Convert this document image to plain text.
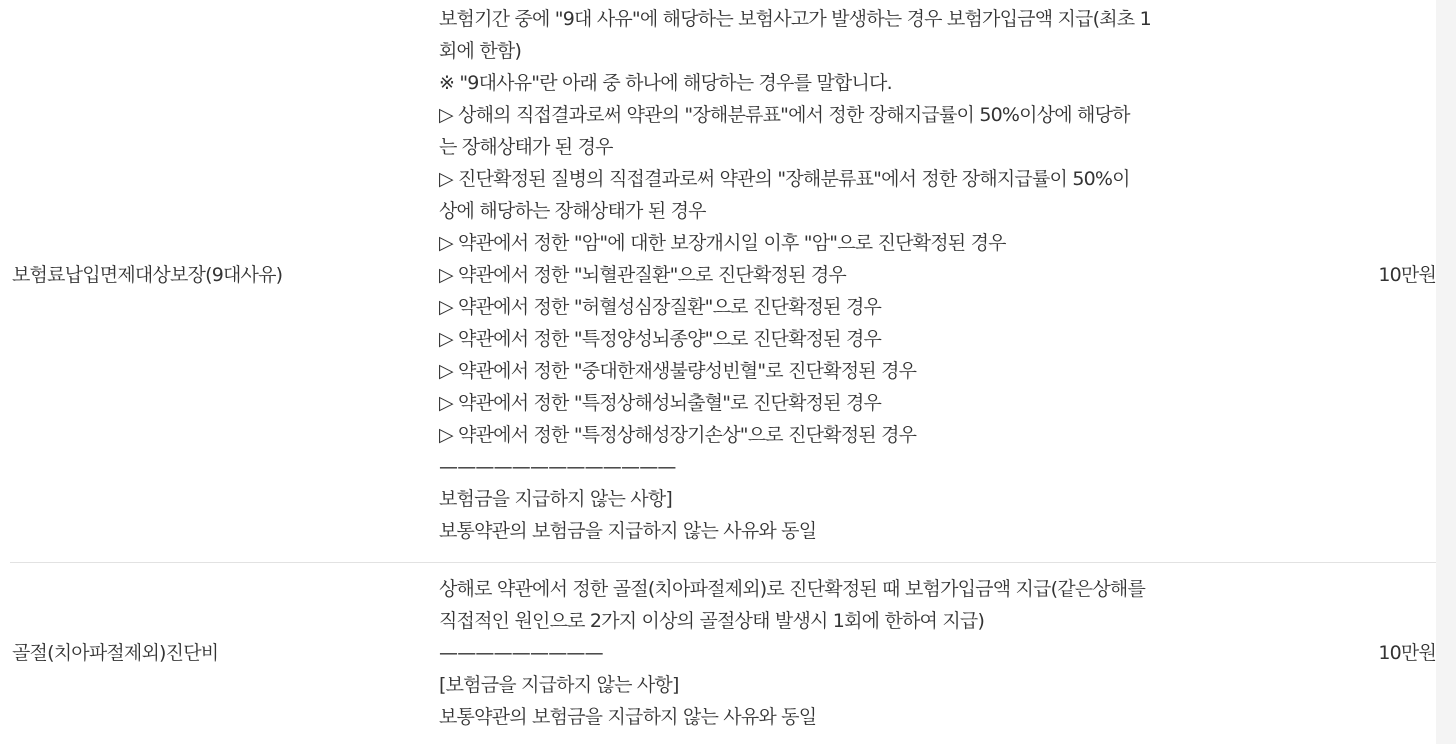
보험료납입면제대상보장(9대사유)
보험기간 중에 "9대 사유"에 해당하는 보험사고가 발생하는 경우 보험가입금액 지급(최초 1
회에 한함)
※ "9대사유"란 아래 중 하나에 해당하는 경우를 말합니다.
▷ 상해의 직접결과로써 약관의 "장해분류표"에서 정한 장해지급률이 50%이상에 해당하
는 장해상태가 된 경우
▷ 진단확정된 질병의 직접결과로써 약관의 "장해분류표"에서 정한 장해지급률이 50%이
상에 해당하는 장해상태가 된 경우
▷ 약관에서 정한 "암"에 대한 보장개시일 이후 "암"으로 진단확정된 경우
▷ 약관에서 정한 "뇌혈관질환"으로 진단확정된 경우
▷ 약관에서 정한 "허혈성심장질환"으로 진단확정된 경우
▷ 약관에서 정한 "특정양성뇌종양"으로 진단확정된 경우
▷ 약관에서 정한 "중대한재생불량성빈혈"로 진단확정된 경우
▷ 약관에서 정한 "특정상해성뇌출혈"로 진단확정된 경우
▷ 약관에서 정한 "특정상해성장기손상"으로 진단확정된 경우
—————————————
보험금을 지급하지 않는 사항]
보통약관의 보험금을 지급하지 않는 사유와 동일
10만원
골절(치아파절제외)진단비
상해로 약관에서 정한 골절(치아파절제외)로 진단확정된 때 보험가입금액 지급(같은상해를
직접적인 원인으로 2가지 이상의 골절상태 발생시 1회에 한하여 지급)
—————————
[보험금을 지급하지 않는 사항]
보통약관의 보험금을 지급하지 않는 사유와 동일
10만원
